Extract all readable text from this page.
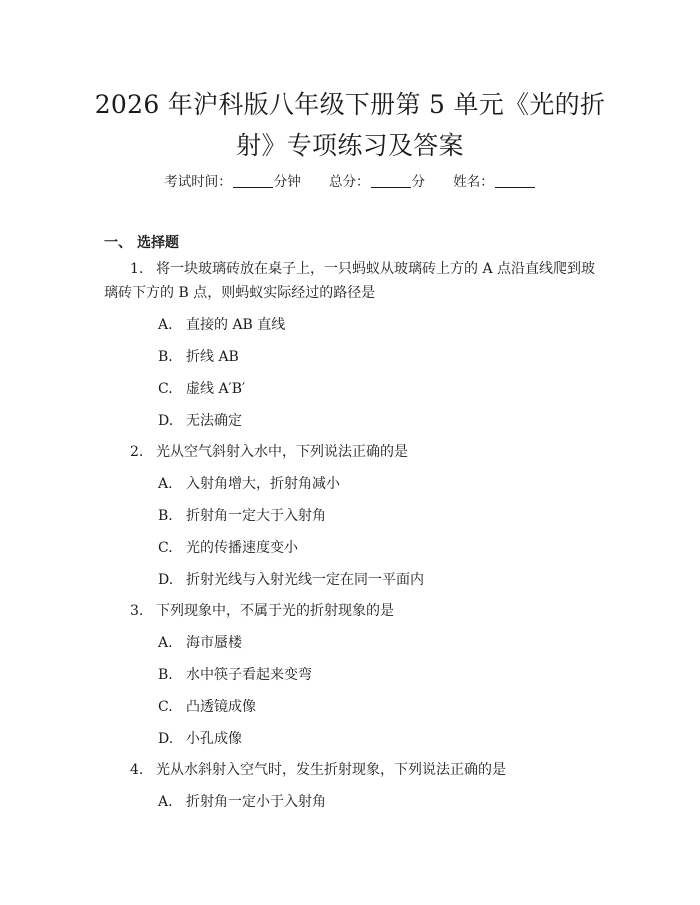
2026 年沪科版八年级下册第 5 单元《光的折
射》专项练习及答案
考试时间：	分钟 总分：	分 姓名：
一、 选择题
1. 将一块玻璃砖放在桌子上，一只蚂蚁从玻璃砖上方的 A 点沿直线爬到玻璃砖下方的 B 点，则蚂蚁实际经过的路径是
A. 直接的 AB 直线
B. 折线 AB
C. 虚线 A′B′
D. 无法确定
2. 光从空气斜射入水中，下列说法正确的是
A. 入射角增大，折射角减小
B. 折射角一定大于入射角
C. 光的传播速度变小
D. 折射光线与入射光线一定在同一平面内
3. 下列现象中，不属于光的折射现象的是
A. 海市蜃楼
B. 水中筷子看起来变弯
C. 凸透镜成像
D. 小孔成像
4. 光从水斜射入空气时，发生折射现象，下列说法正确的是
A. 折射角一定小于入射角
